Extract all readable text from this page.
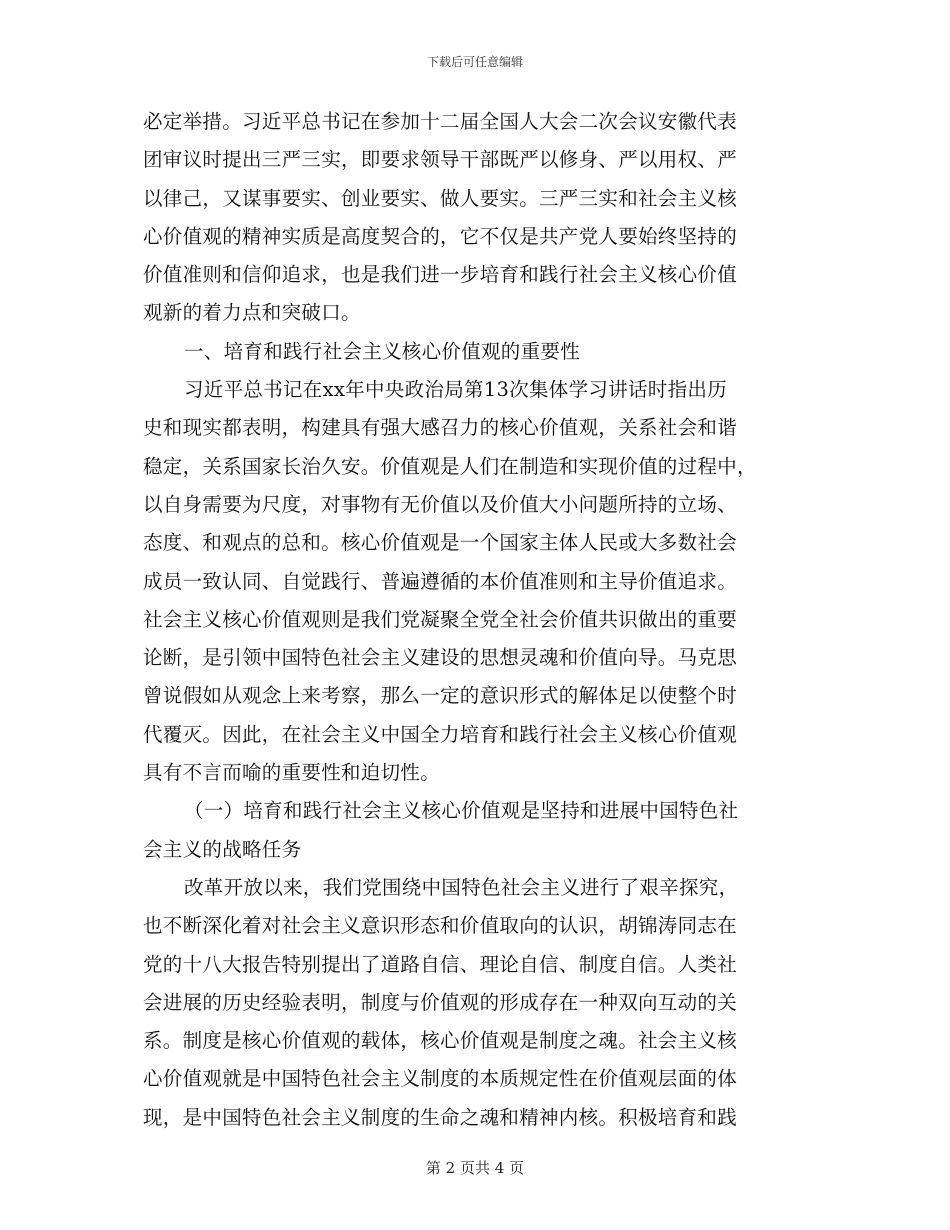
下载后可任意编辑
必定举措。习近平总书记在参加十二届全国人大会二次会议安徽代表
团审议时提出三严三实，即要求领导干部既严以修身、严以用权、严
以律己，又谋事要实、创业要实、做人要实。三严三实和社会主义核
心价值观的精神实质是高度契合的，它不仅是共产党人要始终坚持的
价值准则和信仰追求，也是我们进一步培育和践行社会主义核心价值
观新的着力点和突破口。
一、培育和践行社会主义核心价值观的重要性
习近平总书记在xx年中央政治局第13次集体学习讲话时指出历
史和现实都表明，构建具有强大感召力的核心价值观，关系社会和谐
稳定，关系国家长治久安。价值观是人们在制造和实现价值的过程中，
以自身需要为尺度，对事物有无价值以及价值大小问题所持的立场、
态度、和观点的总和。核心价值观是一个国家主体人民或大多数社会
成员一致认同、自觉践行、普遍遵循的本价值准则和主导价值追求。
社会主义核心价值观则是我们党凝聚全党全社会价值共识做出的重要
论断，是引领中国特色社会主义建设的思想灵魂和价值向导。马克思
曾说假如从观念上来考察，那么一定的意识形式的解体足以使整个时
代覆灭。因此，在社会主义中国全力培育和践行社会主义核心价值观
具有不言而喻的重要性和迫切性。
（一）培育和践行社会主义核心价值观是坚持和进展中国特色社
会主义的战略任务
改革开放以来，我们党围绕中国特色社会主义进行了艰辛探究，
也不断深化着对社会主义意识形态和价值取向的认识，胡锦涛同志在
党的十八大报告特别提出了道路自信、理论自信、制度自信。人类社
会进展的历史经验表明，制度与价值观的形成存在一种双向互动的关
系。制度是核心价值观的载体，核心价值观是制度之魂。社会主义核
心价值观就是中国特色社会主义制度的本质规定性在价值观层面的体
现，是中国特色社会主义制度的生命之魂和精神内核。积极培育和践
第 2 页共 4 页
